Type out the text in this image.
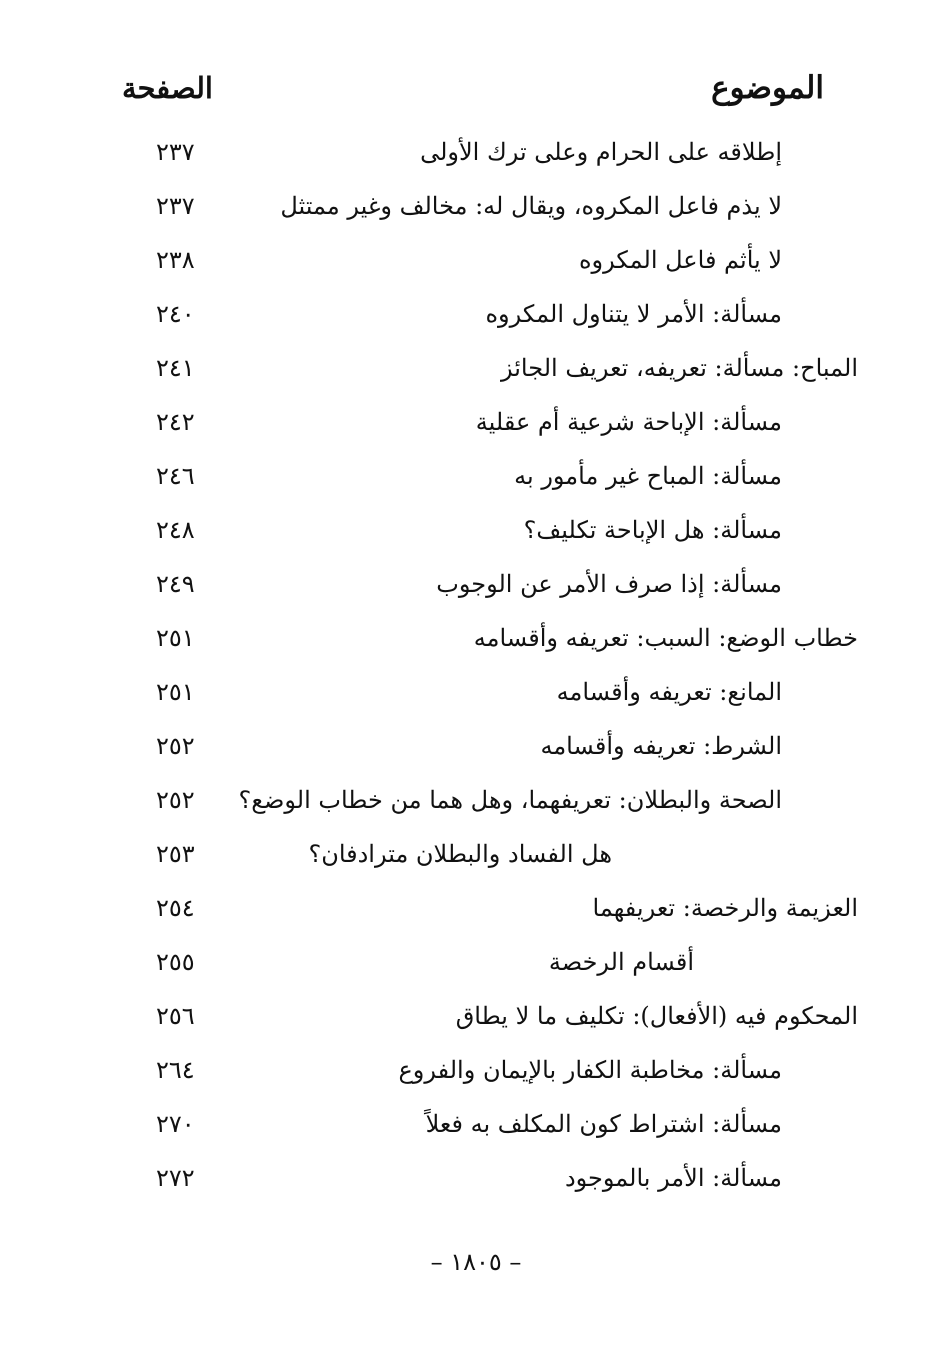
الموضوع
الصفحة
إطلاقه على الحرام وعلى ترك الأولى
٢٣٧
لا يذم فاعل المكروه، ويقال له: مخالف وغير ممتثل
٢٣٧
لا يأثم فاعل المكروه
٢٣٨
مسألة: الأمر لا يتناول المكروه
٢٤٠
المباح: مسألة: تعريفه، تعريف الجائز
٢٤١
مسألة: الإباحة شرعية أم عقلية
٢٤٢
مسألة: المباح غير مأمور به
٢٤٦
مسألة: هل الإباحة تكليف؟
٢٤٨
مسألة: إذا صرف الأمر عن الوجوب
٢٤٩
خطاب الوضع: السبب: تعريفه وأقسامه
٢٥١
المانع: تعريفه وأقسامه
٢٥١
الشرط: تعريفه وأقسامه
٢٥٢
الصحة والبطلان: تعريفهما، وهل هما من خطاب الوضع؟
٢٥٢
هل الفساد والبطلان مترادفان؟
٢٥٣
العزيمة والرخصة: تعريفهما
٢٥٤
أقسام الرخصة
٢٥٥
المحكوم فيه (الأفعال): تكليف ما لا يطاق
٢٥٦
مسألة: مخاطبة الكفار بالإيمان والفروع
٢٦٤
مسألة: اشتراط كون المكلف به فعلاً
٢٧٠
مسألة: الأمر بالموجود
٢٧٢
– ١٨٠٥ –
